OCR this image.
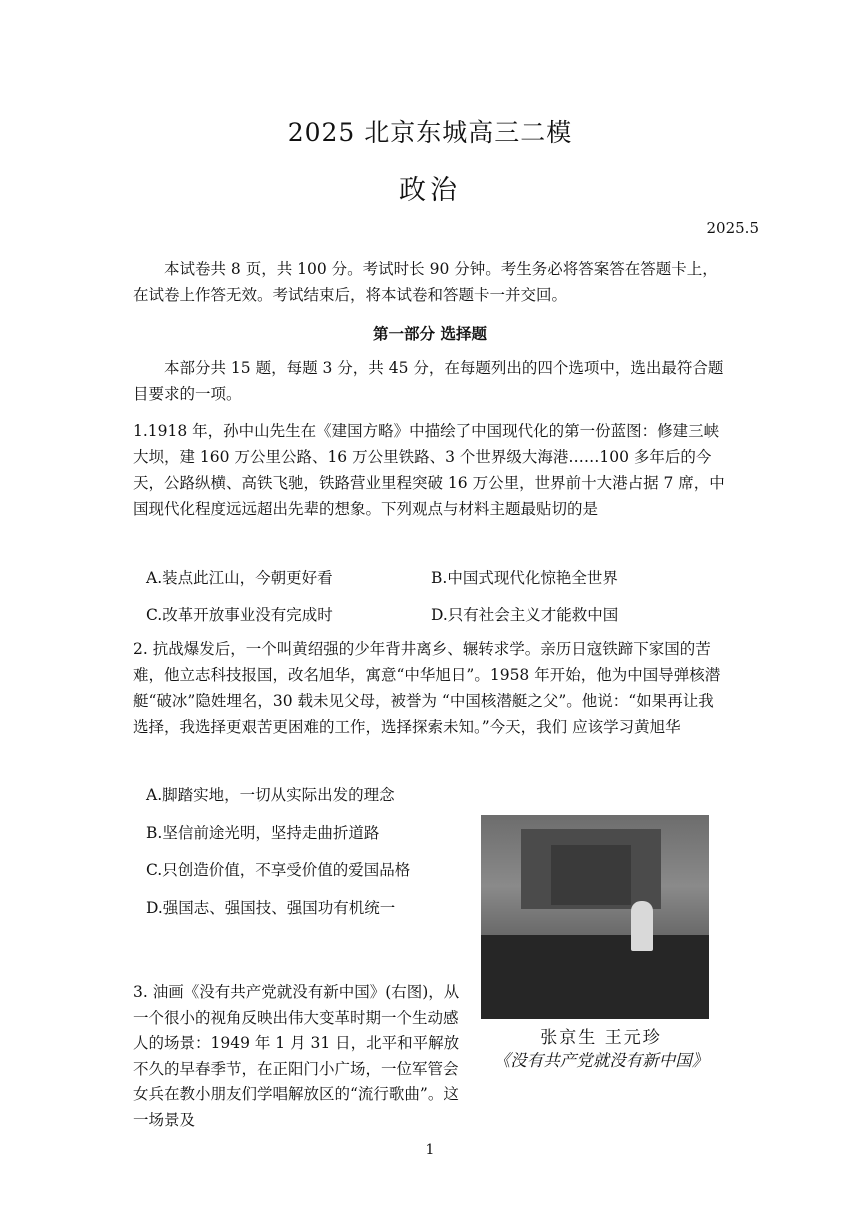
2025 北京东城高三二模
政治
2025.5
本试卷共 8 页，共 100 分。考试时长 90 分钟。考生务必将答案答在答题卡上，在试卷上作答无效。考试结束后，将本试卷和答题卡一并交回。
第一部分 选择题
本部分共 15 题，每题 3 分，共 45 分，在每题列出的四个选项中，选出最符合题目要求的一项。
1.1918 年，孙中山先生在《建国方略》中描绘了中国现代化的第一份蓝图：修建三峡大坝，建 160 万公里公路、16 万公里铁路、3 个世界级大海港……100 多年后的今天，公路纵横、高铁飞驰，铁路营业里程突破 16 万公里，世界前十大港占据 7 席，中国现代化程度远远超出先辈的想象。下列观点与材料主题最贴切的是
A.装点此江山，今朝更好看	B.中国式现代化惊艳全世界
C.改革开放事业没有完成时	D.只有社会主义才能救中国
2. 抗战爆发后，一个叫黄绍强的少年背井离乡、辗转求学。亲历日寇铁蹄下家国的苦难，他立志科技报国，改名旭华，寓意“中华旭日”。1958 年开始，他为中国导弹核潜艇“破冰”隐姓埋名，30 载未见父母，被誉为 “中国核潜艇之父”。他说：“如果再让我选择，我选择更艰苦更困难的工作，选择探索未知。”今天，我们 应该学习黄旭华
A.脚踏实地，一切从实际出发的理念
B.坚信前途光明，坚持走曲折道路
C.只创造价值，不享受价值的爱国品格
D.强国志、强国技、强国功有机统一
3. 油画《没有共产党就没有新中国》(右图)，从一个很小的视角反映出伟大变革时期一个生动感人的场景：1949 年 1 月 31 日，北平和平解放不久的早春季节，在正阳门小广场，一位军管会女兵在教小朋友们学唱解放区的“流行歌曲”。这一场景及
张京生 王元珍
《没有共产党就没有新中国》
1
